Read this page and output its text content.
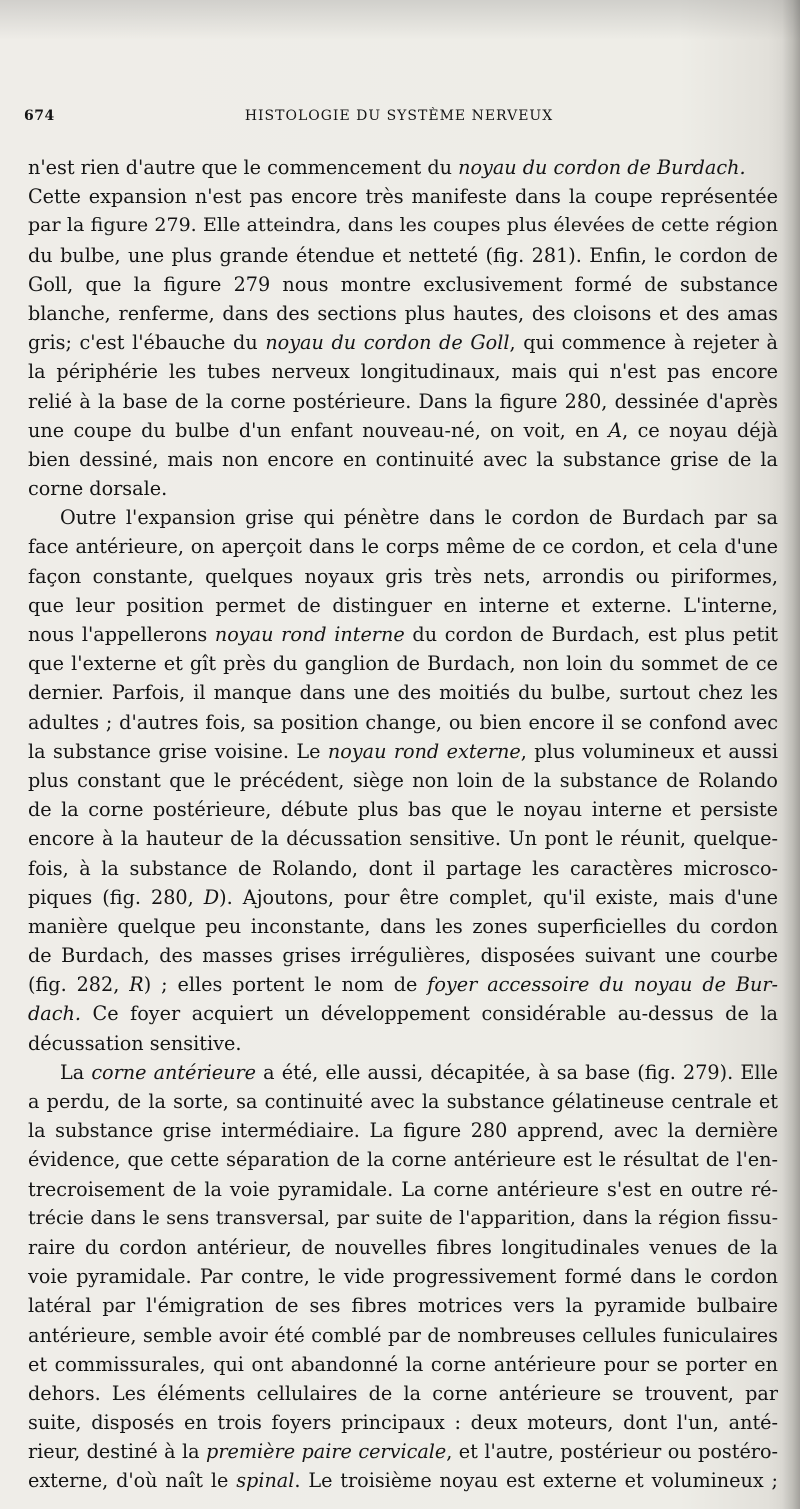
674	HISTOLOGIE DU SYSTÈME NERVEUX
n'est rien d'autre que le commencement du noyau du cordon de Burdach.
Cette expansion n'est pas encore très manifeste dans la coupe représentée
par la figure 279. Elle atteindra, dans les coupes plus élevées de cette région
du bulbe, une plus grande étendue et netteté (fig. 281). Enfin, le cordon de
Goll, que la figure 279 nous montre exclusivement formé de substance
blanche, renferme, dans des sections plus hautes, des cloisons et des amas
gris; c'est l'ébauche du noyau du cordon de Goll, qui commence à rejeter à
la périphérie les tubes nerveux longitudinaux, mais qui n'est pas encore
relié à la base de la corne postérieure. Dans la figure 280, dessinée d'après
une coupe du bulbe d'un enfant nouveau-né, on voit, en A, ce noyau déjà
bien dessiné, mais non encore en continuité avec la substance grise de la
corne dorsale.
Outre l'expansion grise qui pénètre dans le cordon de Burdach par sa
face antérieure, on aperçoit dans le corps même de ce cordon, et cela d'une
façon constante, quelques noyaux gris très nets, arrondis ou piriformes,
que leur position permet de distinguer en interne et externe. L'interne,
nous l'appellerons noyau rond interne du cordon de Burdach, est plus petit
que l'externe et gît près du ganglion de Burdach, non loin du sommet de ce
dernier. Parfois, il manque dans une des moitiés du bulbe, surtout chez les
adultes ; d'autres fois, sa position change, ou bien encore il se confond avec
la substance grise voisine. Le noyau rond externe, plus volumineux et aussi
plus constant que le précédent, siège non loin de la substance de Rolando
de la corne postérieure, débute plus bas que le noyau interne et persiste
encore à la hauteur de la décussation sensitive. Un pont le réunit, quelque-
fois, à la substance de Rolando, dont il partage les caractères microsco-
piques (fig. 280, D). Ajoutons, pour être complet, qu'il existe, mais d'une
manière quelque peu inconstante, dans les zones superficielles du cordon
de Burdach, des masses grises irrégulières, disposées suivant une courbe
(fig. 282, R) ; elles portent le nom de foyer accessoire du noyau de Bur-
dach. Ce foyer acquiert un développement considérable au-dessus de la
décussation sensitive.
La corne antérieure a été, elle aussi, décapitée, à sa base (fig. 279). Elle
a perdu, de la sorte, sa continuité avec la substance gélatineuse centrale et
la substance grise intermédiaire. La figure 280 apprend, avec la dernière
évidence, que cette séparation de la corne antérieure est le résultat de l'en-
trecroisement de la voie pyramidale. La corne antérieure s'est en outre ré-
trécie dans le sens transversal, par suite de l'apparition, dans la région fissu-
raire du cordon antérieur, de nouvelles fibres longitudinales venues de la
voie pyramidale. Par contre, le vide progressivement formé dans le cordon
latéral par l'émigration de ses fibres motrices vers la pyramide bulbaire
antérieure, semble avoir été comblé par de nombreuses cellules funiculaires
et commissurales, qui ont abandonné la corne antérieure pour se porter en
dehors. Les éléments cellulaires de la corne antérieure se trouvent, par
suite, disposés en trois foyers principaux : deux moteurs, dont l'un, anté-
rieur, destiné à la première paire cervicale, et l'autre, postérieur ou postéro-
externe, d'où naît le spinal. Le troisième noyau est externe et volumineux ;
